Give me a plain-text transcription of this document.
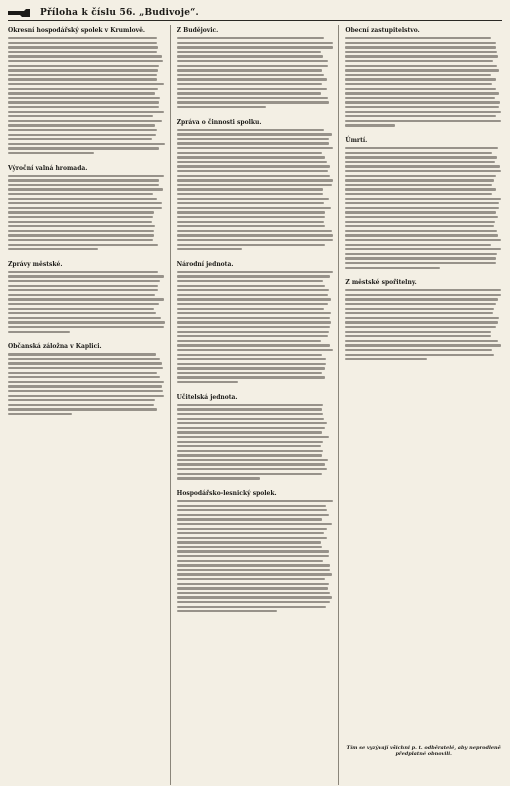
Příloha k číslu 56. „Budivoje“.
Okresní hospodářský spolek v Krumlově.
Výroční valná hromada.
Zprávy městské.
Občanská záložna v Kaplici.
Z Budějovic.
Zpráva o činnosti spolku.
Národní jednota.
Učitelská jednota.
Hospodářsko-lesnický spolek.
Obecní zastupitelstvo.
Úmrtí.
Z městské spořitelny.
Tím se vyzývají všichni p. t. odběratelé, aby neprodleně předplatné obnovili.
